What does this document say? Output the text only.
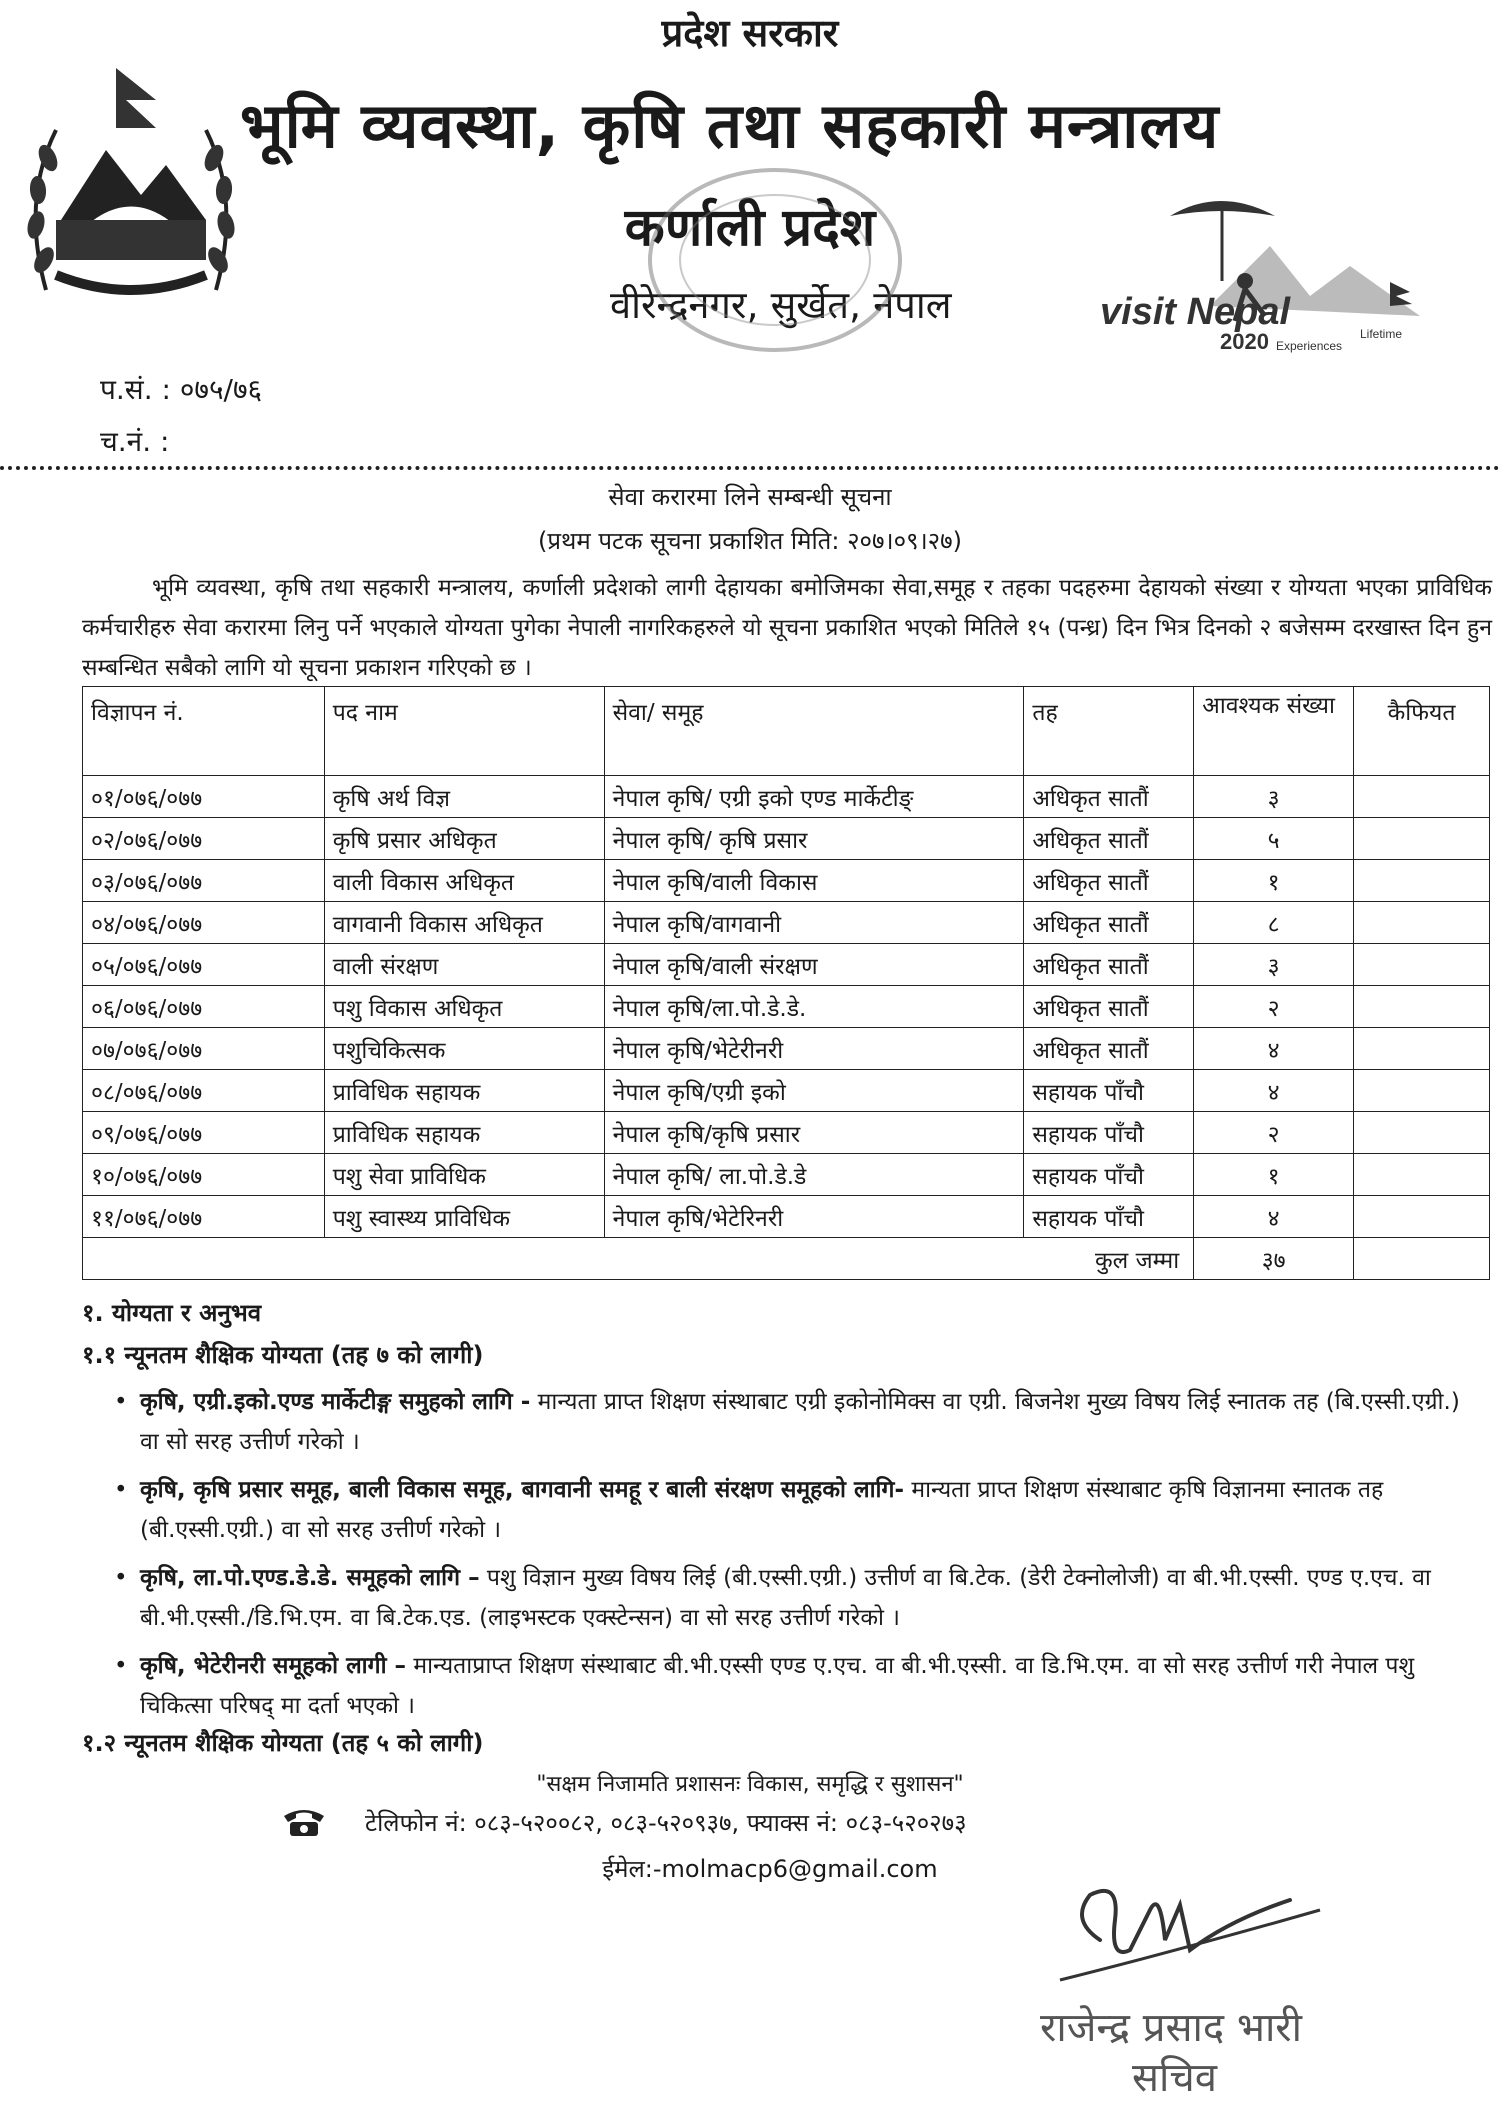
प्रदेश सरकार
भूमि व्यवस्था, कृषि तथा सहकारी मन्त्रालय
कर्णाली प्रदेश
वीरेन्द्रनगर, सुर्खेत, नेपाल	visit Nepal
2020	Lifetime
Experiences
प.सं. : ०७५/७६
च.नं. :
सेवा करारमा लिने सम्बन्धी सूचना
(प्रथम पटक सूचना प्रकाशित मिति: २०७।०९।२७)
भूमि व्यवस्था, कृषि तथा सहकारी मन्त्रालय, कर्णाली प्रदेशको लागी देहायका बमोजिमका सेवा,समूह र तहका पदहरुमा देहायको संख्या र योग्यता भएका प्राविधिक कर्मचारीहरु सेवा करारमा लिनु पर्ने भएकाले योग्यता पुगेका नेपाली नागरिकहरुले यो सूचना प्रकाशित भएको मितिले १५ (पन्ध्र) दिन भित्र दिनको २ बजेसम्म दरखास्त दिन हुन सम्बन्धित सबैको लागि यो सूचना प्रकाशन गरिएको छ ।
विज्ञापन नं.	पद नाम	सेवा/ समूह	तह	आवश्यक संख्या	कैफियत
०१/०७६/०७७	कृषि अर्थ विज्ञ	नेपाल कृषि/ एग्री इको एण्ड मार्केटीङ्	अधिकृत सातौं	३	
०२/०७६/०७७	कृषि प्रसार अधिकृत	नेपाल कृषि/ कृषि प्रसार	अधिकृत सातौं	५	
०३/०७६/०७७	वाली विकास अधिकृत	नेपाल कृषि/वाली विकास	अधिकृत सातौं	१	
०४/०७६/०७७	वागवानी विकास अधिकृत	नेपाल कृषि/वागवानी	अधिकृत सातौं	८	
०५/०७६/०७७	वाली संरक्षण	नेपाल कृषि/वाली संरक्षण	अधिकृत सातौं	३	
०६/०७६/०७७	पशु विकास अधिकृत	नेपाल कृषि/ला.पो.डे.डे.	अधिकृत सातौं	२	
०७/०७६/०७७	पशुचिकित्सक	नेपाल कृषि/भेटेरीनरी	अधिकृत सातौं	४	
०८/०७६/०७७	प्राविधिक सहायक	नेपाल कृषि/एग्री इको	सहायक पाँचौ	४	
०९/०७६/०७७	प्राविधिक सहायक	नेपाल कृषि/कृषि प्रसार	सहायक पाँचौ	२	
१०/०७६/०७७	पशु सेवा प्राविधिक	नेपाल कृषि/ ला.पो.डे.डे	सहायक पाँचौ	१	
११/०७६/०७७	पशु स्वास्थ्य प्राविधिक	नेपाल कृषि/भेटेरिनरी	सहायक पाँचौ	४	
कुल जम्मा				३७	
१. योग्यता र अनुभव
१.१ न्यूनतम शैक्षिक योग्यता (तह ७ को लागी)
• कृषि, एग्री.इको.एण्ड मार्केटीङ्ग समुहको लागि - मान्यता प्राप्त शिक्षण संस्थाबाट एग्री इकोनोमिक्स वा एग्री. बिजनेश मुख्य विषय लिई स्नातक तह (बि.एस्सी.एग्री.) वा सो सरह उत्तीर्ण गरेको ।
• कृषि, कृषि प्रसार समूह, बाली विकास समूह, बागवानी समहू र बाली संरक्षण समूहको लागि- मान्यता प्राप्त शिक्षण संस्थाबाट कृषि विज्ञानमा स्नातक तह (बी.एस्सी.एग्री.) वा सो सरह उत्तीर्ण गरेको ।
• कृषि, ला.पो.एण्ड.डे.डे. समूहको लागि – पशु विज्ञान मुख्य विषय लिई (बी.एस्सी.एग्री.) उत्तीर्ण वा बि.टेक. (डेरी टेक्नोलोजी) वा बी.भी.एस्सी. एण्ड ए.एच. वा बी.भी.एस्सी./डि.भि.एम. वा बि.टेक.एड. (लाइभस्टक एक्स्टेन्सन) वा सो सरह उत्तीर्ण गरेको ।
• कृषि, भेटेरीनरी समूहको लागी – मान्यताप्राप्त शिक्षण संस्थाबाट बी.भी.एस्सी एण्ड ए.एच. वा बी.भी.एस्सी. वा डि.भि.एम. वा सो सरह उत्तीर्ण गरी नेपाल पशु चिकित्सा परिषद् मा दर्ता भएको ।
१.२ न्यूनतम शैक्षिक योग्यता (तह ५ को लागी)
"सक्षम निजामति प्रशासनः विकास, समृद्धि र सुशासन"
टेलिफोन नं: ०८३-५२००८२, ०८३-५२०९३७, फ्याक्स नं: ०८३-५२०२७३
ईमेल:-molmacp6@gmail.com
राजेन्द्र प्रसाद भारी
सचिव
